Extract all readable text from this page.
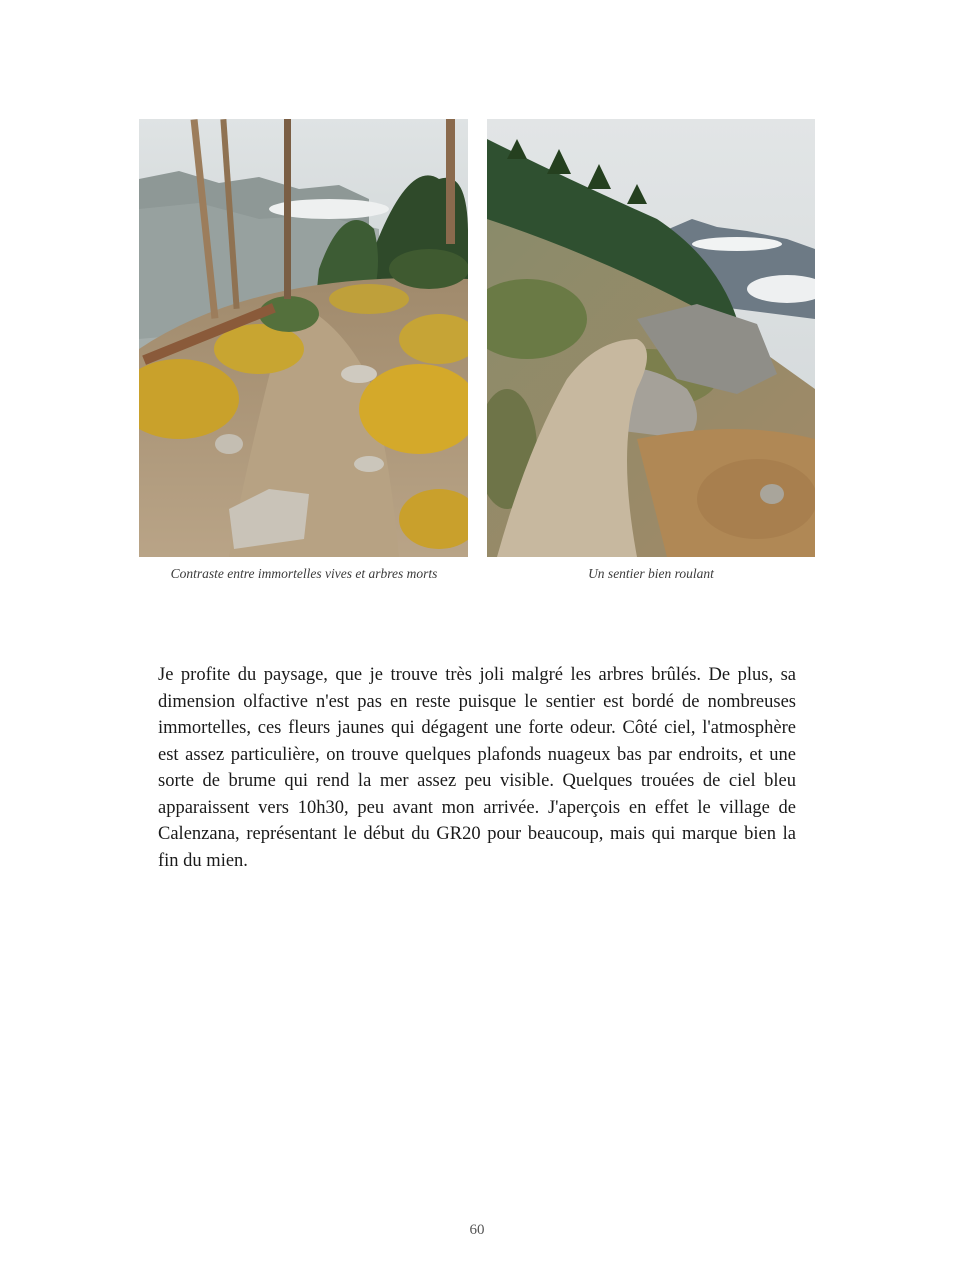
Contraste entre immortelles vives et arbres morts	Un sentier bien roulant

Je profite du paysage, que je trouve très joli malgré les arbres brûlés. De plus, sa dimension olfactive n'est pas en reste puisque le sentier est bordé de nombreuses immortelles, ces fleurs jaunes qui dégagent une forte odeur. Côté ciel, l'atmosphère est assez particulière, on trouve quelques plafonds nuageux bas par endroits, et une sorte de brume qui rend la mer assez peu visible. Quelques trouées de ciel bleu apparaissent vers 10h30, peu avant mon arrivée. J'aperçois en effet le village de Calenzana, représentant le début du GR20 pour beaucoup, mais qui marque bien la fin du mien.

60
